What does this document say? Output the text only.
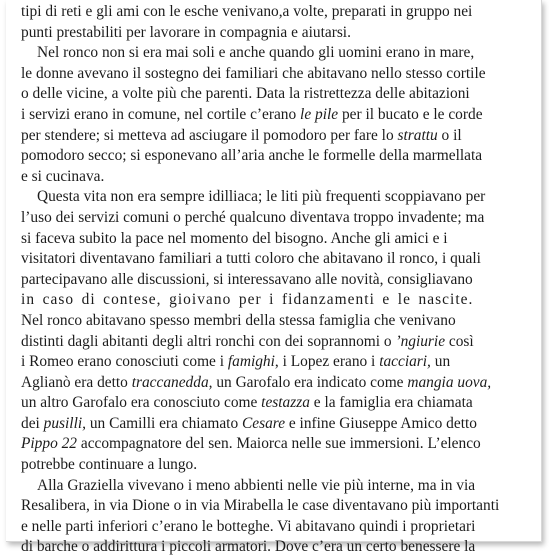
tipi di reti e gli ami con le esche venivano,a volte, preparati in gruppo nei
punti prestabiliti per lavorare in compagnia e aiutarsi.
Nel ronco non si era mai soli e anche quando gli uomini erano in mare,
le donne avevano il sostegno dei familiari che abitavano nello stesso cortile
o delle vicine, a volte più che parenti. Data la ristrettezza delle abitazioni
i servizi erano in comune, nel cortile c’erano le pile per il bucato e le corde
per stendere; si metteva ad asciugare il pomodoro per fare lo strattu o il
pomodoro secco; si esponevano all’aria anche le formelle della marmellata
e si cucinava.
Questa vita non era sempre idilliaca; le liti più frequenti scoppiavano per
l’uso dei servizi comuni o perché qualcuno diventava troppo invadente; ma
si faceva subito la pace nel momento del bisogno. Anche gli amici e i
visitatori diventavano familiari a tutti coloro che abitavano il ronco, i quali
partecipavano alle discussioni, si interessavano alle novità, consigliavano
in caso di contese, gioivano per i fidanzamenti e le nascite.
Nel ronco abitavano spesso membri della stessa famiglia che venivano
distinti dagli abitanti degli altri ronchi con dei soprannomi o ’ngiurie così
i Romeo erano conosciuti come i famighi, i Lopez erano i tacciari, un
Aglianò era detto traccanedda, un Garofalo era indicato come mangia uova,
un altro Garofalo era conosciuto come testazza e la famiglia era chiamata
dei pusilli, un Camilli era chiamato Cesare e infine Giuseppe Amico detto
Pippo 22 accompagnatore del sen. Maiorca nelle sue immersioni. L’elenco
potrebbe continuare a lungo.
Alla Graziella vivevano i meno abbienti nelle vie più interne, ma in via
Resalibera, in via Dione o in via Mirabella le case diventavano più importanti
e nelle parti inferiori c’erano le botteghe. Vi abitavano quindi i proprietari
di barche o addirittura i piccoli armatori. Dove c’era un certo benessere la
